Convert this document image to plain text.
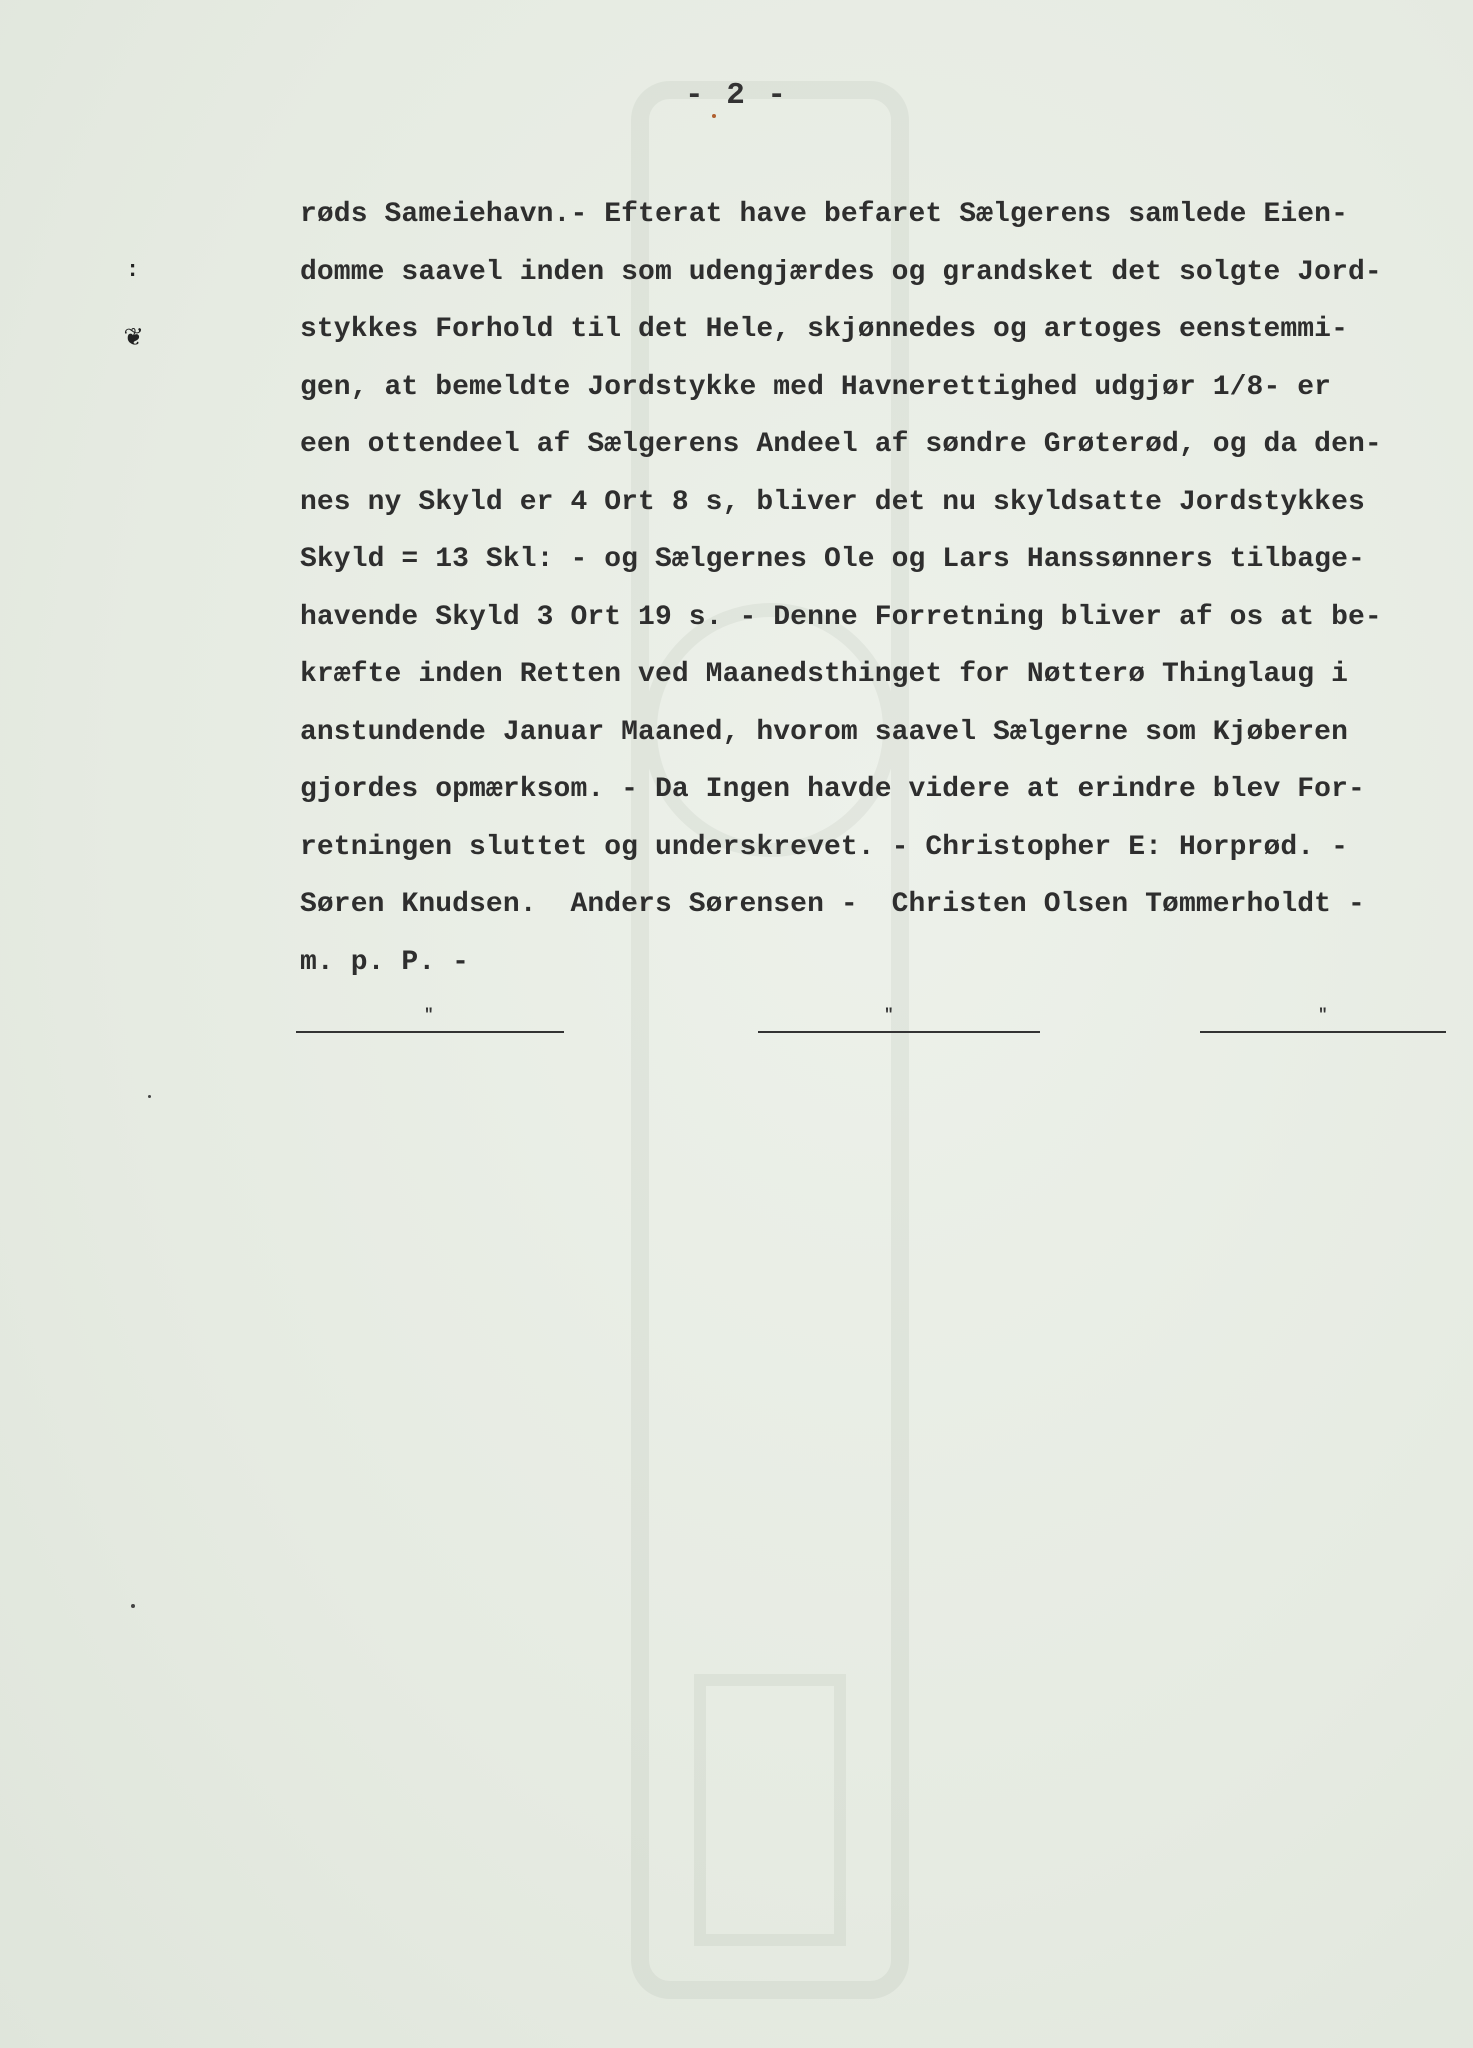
- 2 -
:
❦
røds Sameiehavn.- Efterat have befaret Sælgerens samlede Eien-
domme saavel inden som udengjærdes og grandsket det solgte Jord-
stykkes Forhold til det Hele, skjønnedes og artoges eenstemmi-
gen, at bemeldte Jordstykke med Havnerettighed udgjør 1/8- er
een ottendeel af Sælgerens Andeel af søndre Grøterød, og da den-
nes ny Skyld er 4 Ort 8 s, bliver det nu skyldsatte Jordstykkes
Skyld = 13 Skl: - og Sælgernes Ole og Lars Hanssønners tilbage-
havende Skyld 3 Ort 19 s. - Denne Forretning bliver af os at be-
kræfte inden Retten ved Maanedsthinget for Nøtterø Thinglaug i
anstundende Januar Maaned, hvorom saavel Sælgerne som Kjøberen
gjordes opmærksom. - Da Ingen havde videre at erindre blev For-
retningen sluttet og underskrevet. - Christopher E: Horprød. -
Søren Knudsen.  Anders Sørensen -  Christen Olsen Tømmerholdt -
m. p. P. -
"	"	"
